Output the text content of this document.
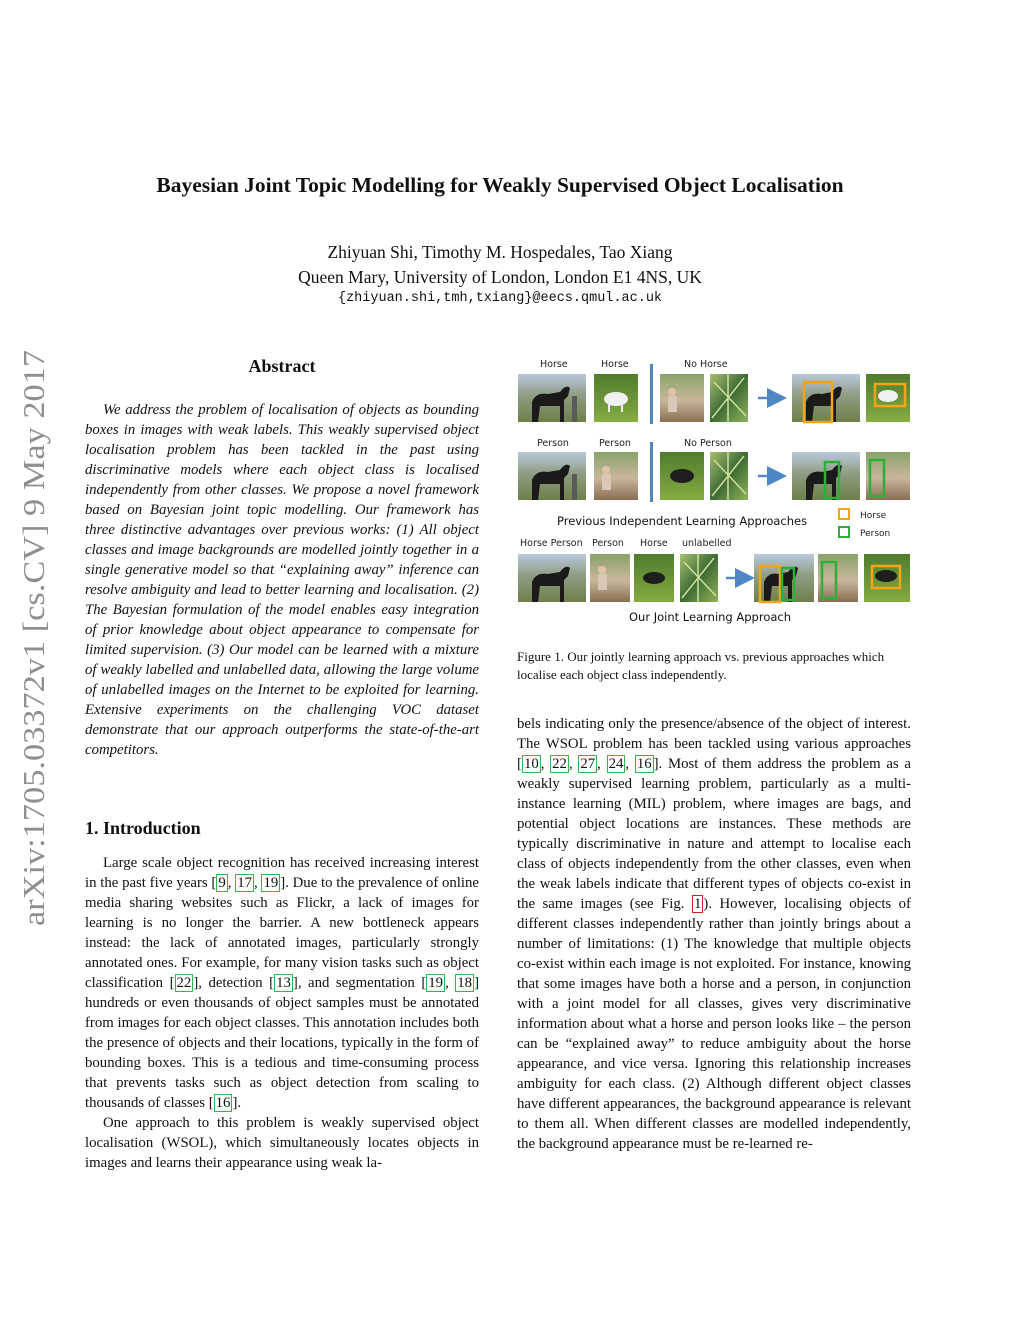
arXiv:1705.03372v1 [cs.CV] 9 May 2017
Bayesian Joint Topic Modelling for Weakly Supervised Object Localisation
Zhiyuan Shi, Timothy M. Hospedales, Tao Xiang
Queen Mary, University of London, London E1 4NS, UK
{zhiyuan.shi,tmh,txiang}@eecs.qmul.ac.uk
Abstract

We address the problem of localisation of objects as bounding boxes in images with weak labels. This weakly supervised object localisation problem has been tackled in the past using discriminative models where each object class is localised independently from other classes. We propose a novel framework based on Bayesian joint topic modelling. Our framework has three distinctive advantages over previous works: (1) All object classes and image backgrounds are modelled jointly together in a single generative model so that “explaining away” inference can resolve ambiguity and lead to better learning and localisation. (2) The Bayesian formulation of the model enables easy integration of prior knowledge about object appearance to compensate for limited supervision. (3) Our model can be learned with a mixture of weakly labelled and unlabelled data, allowing the large volume of unlabelled images on the Internet to be exploited for learning. Extensive experiments on the challenging VOC dataset demonstrate that our approach outperforms the state-of-the-art competitors.

1. Introduction

Large scale object recognition has received increasing interest in the past five years [ 9 , 17 , 19 ]. Due to the prevalence of online media sharing websites such as Flickr, a lack of images for learning is no longer the barrier. A new bottleneck appears instead: the lack of annotated images, particularly strongly annotated ones. For example, for many vision tasks such as object classification [ 22 ], detection [ 13 ], and segmentation [ 19 , 18 ] hundreds or even thousands of object samples must be annotated from images for each object classes. This annotation includes both the presence of objects and their locations, typically in the form of bounding boxes. This is a tedious and time-consuming process that prevents tasks such as object detection from scaling to thousands of classes [ 16 ].

One approach to this problem is weakly supervised object localisation (WSOL), which simultaneously locates objects in images and learns their appearance using weak la-

Horse	Horse	No Horse
Person	Person	No Person
Previous Independent Learning Approaches	Horse
Person
Horse Person Person Horse unlabelled
Our Joint Learning Approach
Figure 1. Our jointly learning approach vs. previous approaches which localise each object class independently.

bels indicating only the presence/absence of the object of interest. The WSOL problem has been tackled using various approaches [ 10 , 22 , 27 , 24 , 16 ]. Most of them address the problem as a weakly supervised learning problem, particularly as a multi-instance learning (MIL) problem, where images are bags, and potential object locations are instances. These methods are typically discriminative in nature and attempt to localise each class of objects independently from the other classes, even when the weak labels indicate that different types of objects co-exist in the same images (see Fig. 1 ). However, localising objects of different classes independently rather than jointly brings about a number of limitations: (1) The knowledge that multiple objects co-exist within each image is not exploited. For instance, knowing that some images have both a horse and a person, in conjunction with a joint model for all classes, gives very discriminative information about what a horse and person looks like – the person can be “explained away” to reduce ambiguity about the horse appearance, and vice versa. Ignoring this relationship increases ambiguity for each class. (2) Although different object classes have different appearances, the background appearance is relevant to them all. When different classes are modelled independently, the background appearance must be re-learned re-
